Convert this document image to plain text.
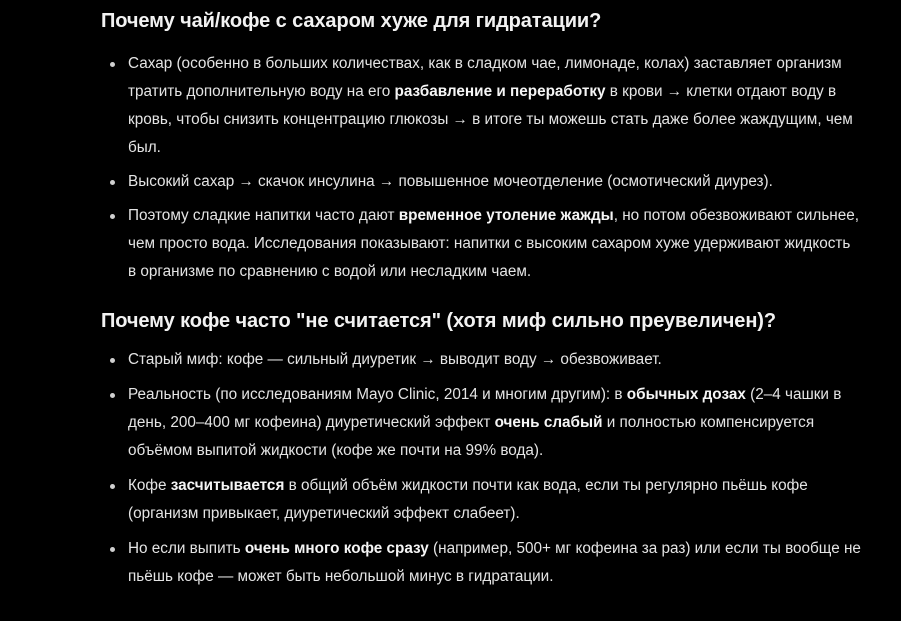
Почему чай/кофе с сахаром хуже для гидратации?
Сахар (особенно в больших количествах, как в сладком чае, лимонаде, колах) заставляет организм тратить дополнительную воду на его разбавление и переработку в крови → клетки отдают воду в кровь, чтобы снизить концентрацию глюкозы → в итоге ты можешь стать даже более жаждущим, чем был.
Высокий сахар → скачок инсулина → повышенное мочеотделение (осмотический диурез).
Поэтому сладкие напитки часто дают временное утоление жажды, но потом обезвоживают сильнее, чем просто вода. Исследования показывают: напитки с высоким сахаром хуже удерживают жидкость в организме по сравнению с водой или несладким чаем.
Почему кофе часто "не считается" (хотя миф сильно преувеличен)?
Старый миф: кофе — сильный диуретик → выводит воду → обезвоживает.
Реальность (по исследованиям Mayo Clinic, 2014 и многим другим): в обычных дозах (2–4 чашки в день, 200–400 мг кофеина) диуретический эффект очень слабый и полностью компенсируется объёмом выпитой жидкости (кофе же почти на 99% вода).
Кофе засчитывается в общий объём жидкости почти как вода, если ты регулярно пьёшь кофе (организм привыкает, диуретический эффект слабеет).
Но если выпить очень много кофе сразу (например, 500+ мг кофеина за раз) или если ты вообще не пьёшь кофе — может быть небольшой минус в гидратации.
